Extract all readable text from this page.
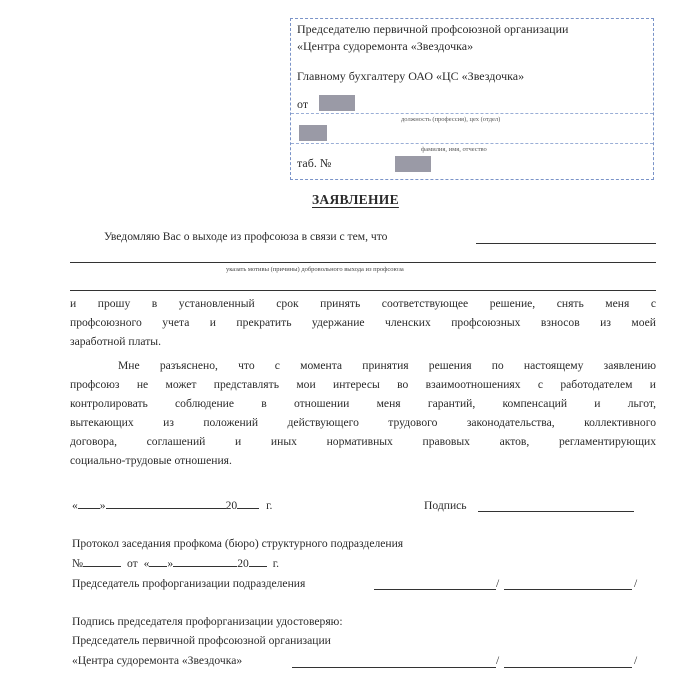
Председателю первичной профсоюзной организации
«Центра судоремонта «Звездочка»
Главному бухгалтеру ОАО «ЦС «Звездочка»
от
должность (профессия), цех (отдел)
фамилия, имя, отчество
таб. №
ЗАЯВЛЕНИЕ
Уведомляю Вас о выходе из профсоюза в связи с тем, что
указать мотивы (причины) добровольного выхода из профсоюза
и прошу в установленный срок принять соответствующее решение, снять меня с
профсоюзного учета и прекратить удержание членских профсоюзных взносов из моей
заработной платы.
Мне разъяснено, что с момента принятия решения по настоящему заявлению
профсоюз не может представлять мои интересы во взаимоотношениях с работодателем и
контролировать соблюдение в отношении меня гарантий, компенсаций и льгот,
вытекающих из положений действующего трудового законодательства, коллективного
договора, соглашений и иных нормативных правовых актов, регламентирующих
социально-трудовые отношения.
« »	20 г.	Подпись
Протокол заседания профкома (бюро) структурного подразделения
№	от « »	20 г.
Председатель профорганизации подразделения	/	/
Подпись председателя профорганизации удостоверяю:
Председатель первичной профсоюзной организации
«Центра судоремонта «Звездочка»	/	/
